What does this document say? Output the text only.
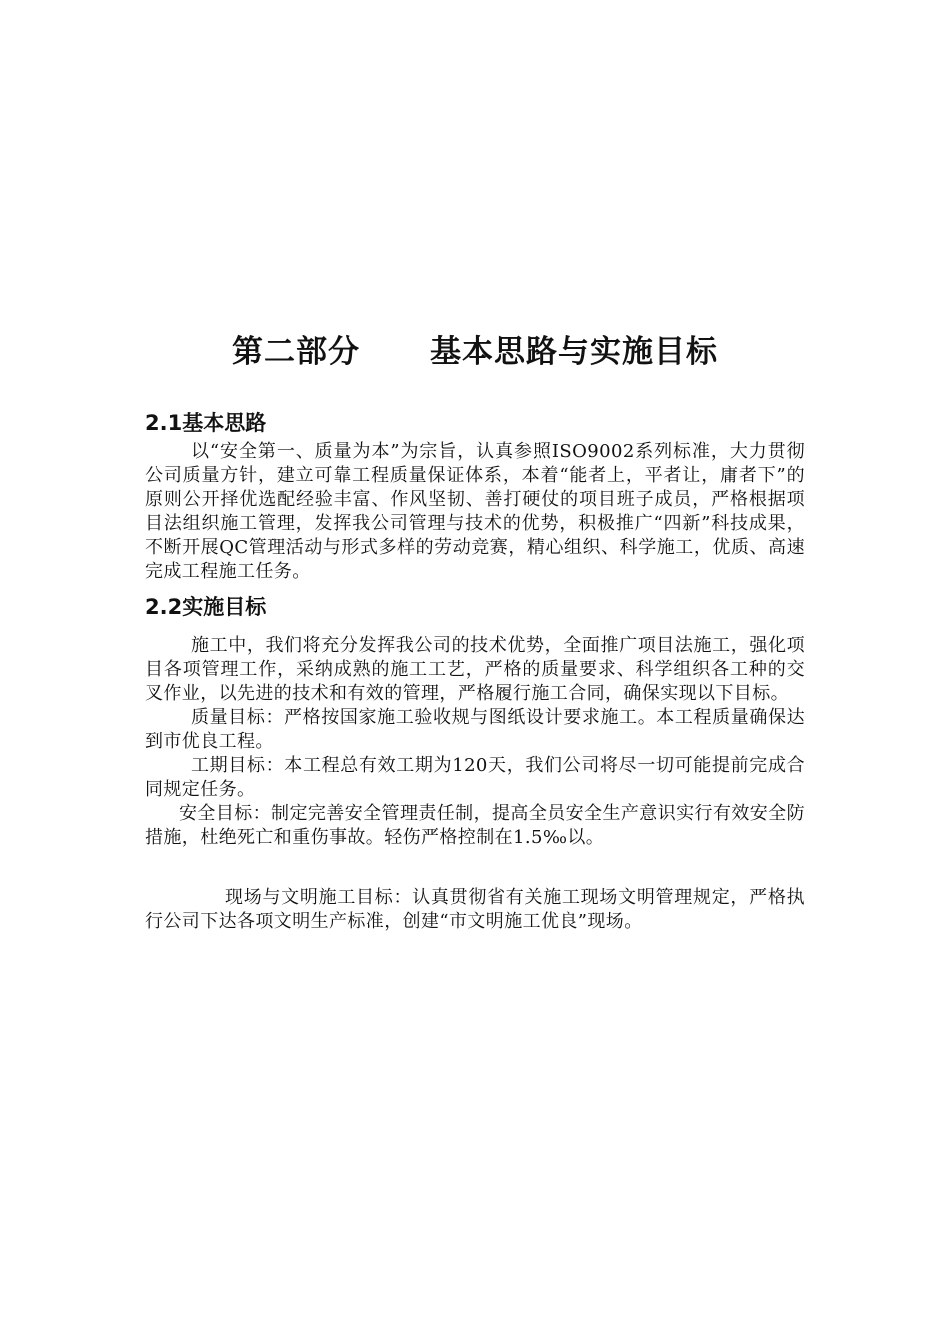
第二部分 基本思路与实施目标
2.1基本思路

以“安全第一、质量为本”为宗旨，认真参照ISO9002系列标准，大力贯彻公司质量方针，建立可靠工程质量保证体系，本着“能者上，平者让，庸者下”的原则公开择优选配经验丰富、作风坚韧、善打硬仗的项目班子成员，严格根据项目法组织施工管理，发挥我公司管理与技术的优势，积极推广“四新”科技成果，不断开展QC管理活动与形式多样的劳动竞赛，精心组织、科学施工，优质、高速完成工程施工任务。

2.2实施目标

施工中，我们将充分发挥我公司的技术优势，全面推广项目法施工，强化项目各项管理工作，采纳成熟的施工工艺，严格的质量要求、科学组织各工种的交叉作业，以先进的技术和有效的管理，严格履行施工合同，确保实现以下目标。

质量目标：严格按国家施工验收规与图纸设计要求施工。本工程质量确保达到市优良工程。

工期目标：本工程总有效工期为120天，我们公司将尽一切可能提前完成合同规定任务。

安全目标：制定完善安全管理责任制，提高全员安全生产意识实行有效安全防措施，杜绝死亡和重伤事故。轻伤严格控制在1.5‰以。

现场与文明施工目标：认真贯彻省有关施工现场文明管理规定，严格执行公司下达各项文明生产标准，创建“市文明施工优良”现场。
